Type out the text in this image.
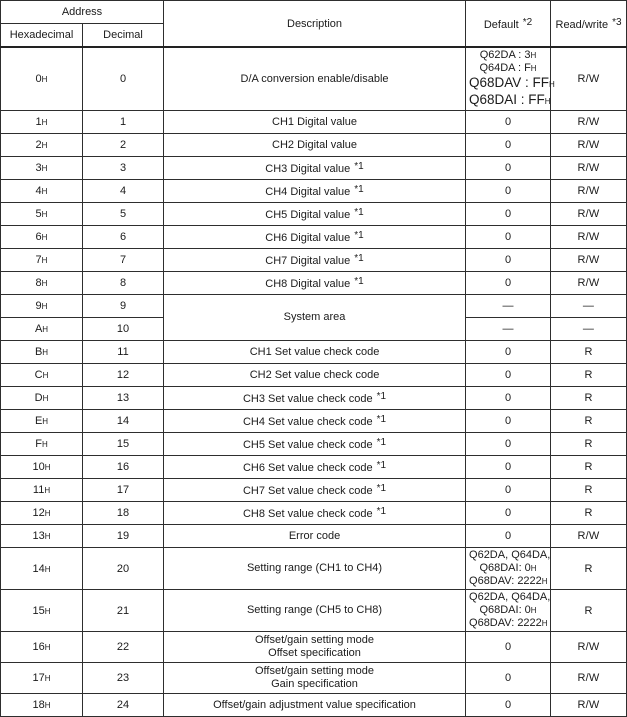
Address		Description	Default *2	Read/write *3
Hexadecimal	Decimal			
0H	0	D/A conversion enable/disable	Q62DA : 3H
Q64DA : FH
Q68DAV : FFH
Q68DAI : FFH	R/W
1H	1	CH1 Digital value	0	R/W
2H	2	CH2 Digital value	0	R/W
3H	3	CH3 Digital value *1	0	R/W
4H	4	CH4 Digital value *1	0	R/W
5H	5	CH5 Digital value *1	0	R/W
6H	6	CH6 Digital value *1	0	R/W
7H	7	CH7 Digital value *1	0	R/W
8H	8	CH8 Digital value *1	0	R/W
9H	9	System area	—	—
AH	10		—	—
BH	11	CH1 Set value check code	0	R
CH	12	CH2 Set value check code	0	R
DH	13	CH3 Set value check code *1	0	R
EH	14	CH4 Set value check code *1	0	R
FH	15	CH5 Set value check code *1	0	R
10H	16	CH6 Set value check code *1	0	R
11H	17	CH7 Set value check code *1	0	R
12H	18	CH8 Set value check code *1	0	R
13H	19	Error code	0	R/W
14H	20	Setting range (CH1 to CH4)	Q62DA, Q64DA,
Q68DAI: 0H
Q68DAV: 2222H	R
15H	21	Setting range (CH5 to CH8)	Q62DA, Q64DA,
Q68DAI: 0H
Q68DAV: 2222H	R
16H	22	Offset/gain setting mode
Offset specification	0	R/W
17H	23	Offset/gain setting mode
Gain specification	0	R/W
18H	24	Offset/gain adjustment value specification	0	R/W
